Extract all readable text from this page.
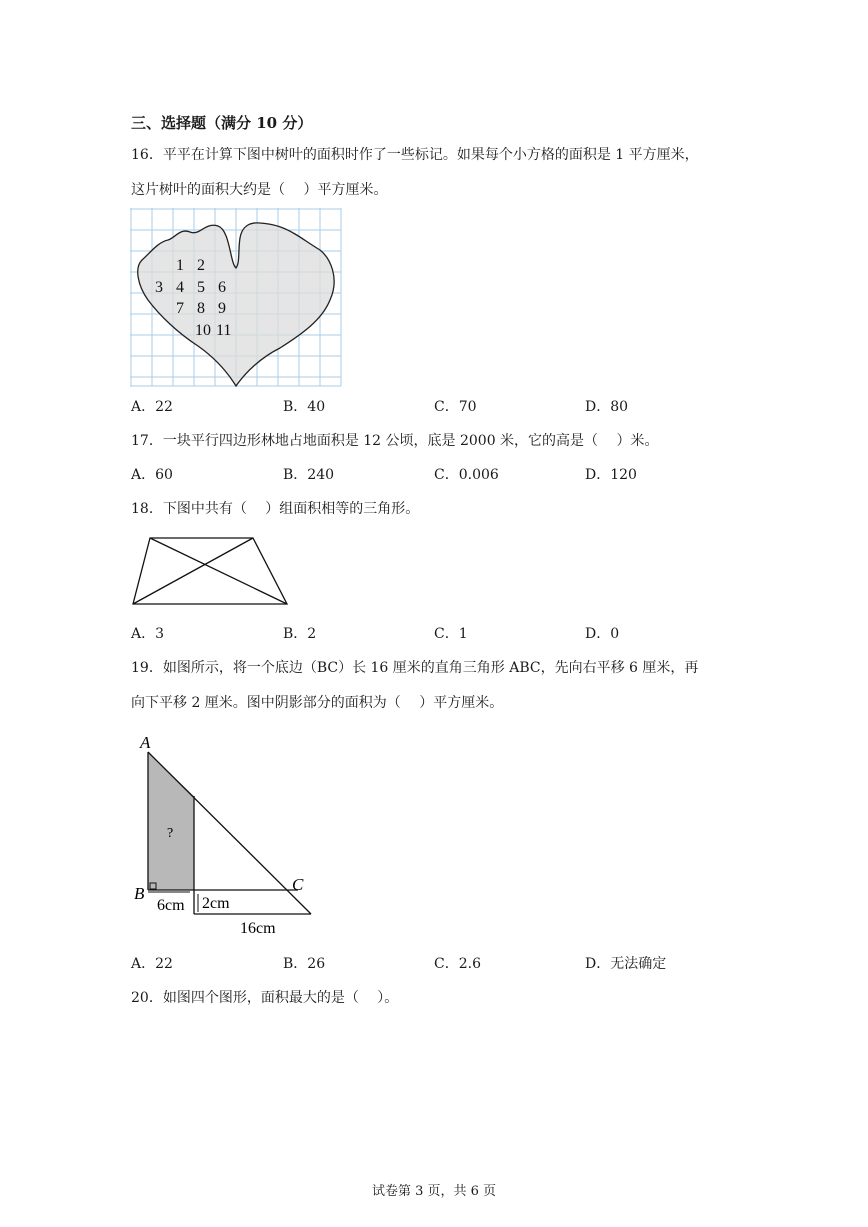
三、选择题（满分 10 分）
16．平平在计算下图中树叶的面积时作了一些标记。如果每个小方格的面积是 1 平方厘米，
这片树叶的面积大约是（　 ）平方厘米。
1 2
3 4 5 6
7 8 9
10 11
A．22	B．40	C．70	D．80
17．一块平行四边形林地占地面积是 12 公顷，底是 2000 米，它的高是（　 ）米。
A．60	B．240	C．0.006	D．120
18．下图中共有（　 ）组面积相等的三角形。
A．3	B．2	C．1	D．0
19．如图所示，将一个底边（BC）长 16 厘米的直角三角形 ABC，先向右平移 6 厘米，再
向下平移 2 厘米。图中阴影部分的面积为（　 ）平方厘米。
A
B	C
?
6cm 2cm
16cm
A．22	B．26	C．2.6	D．无法确定
20．如图四个图形，面积最大的是（　 ）。
试卷第 3 页，共 6 页
